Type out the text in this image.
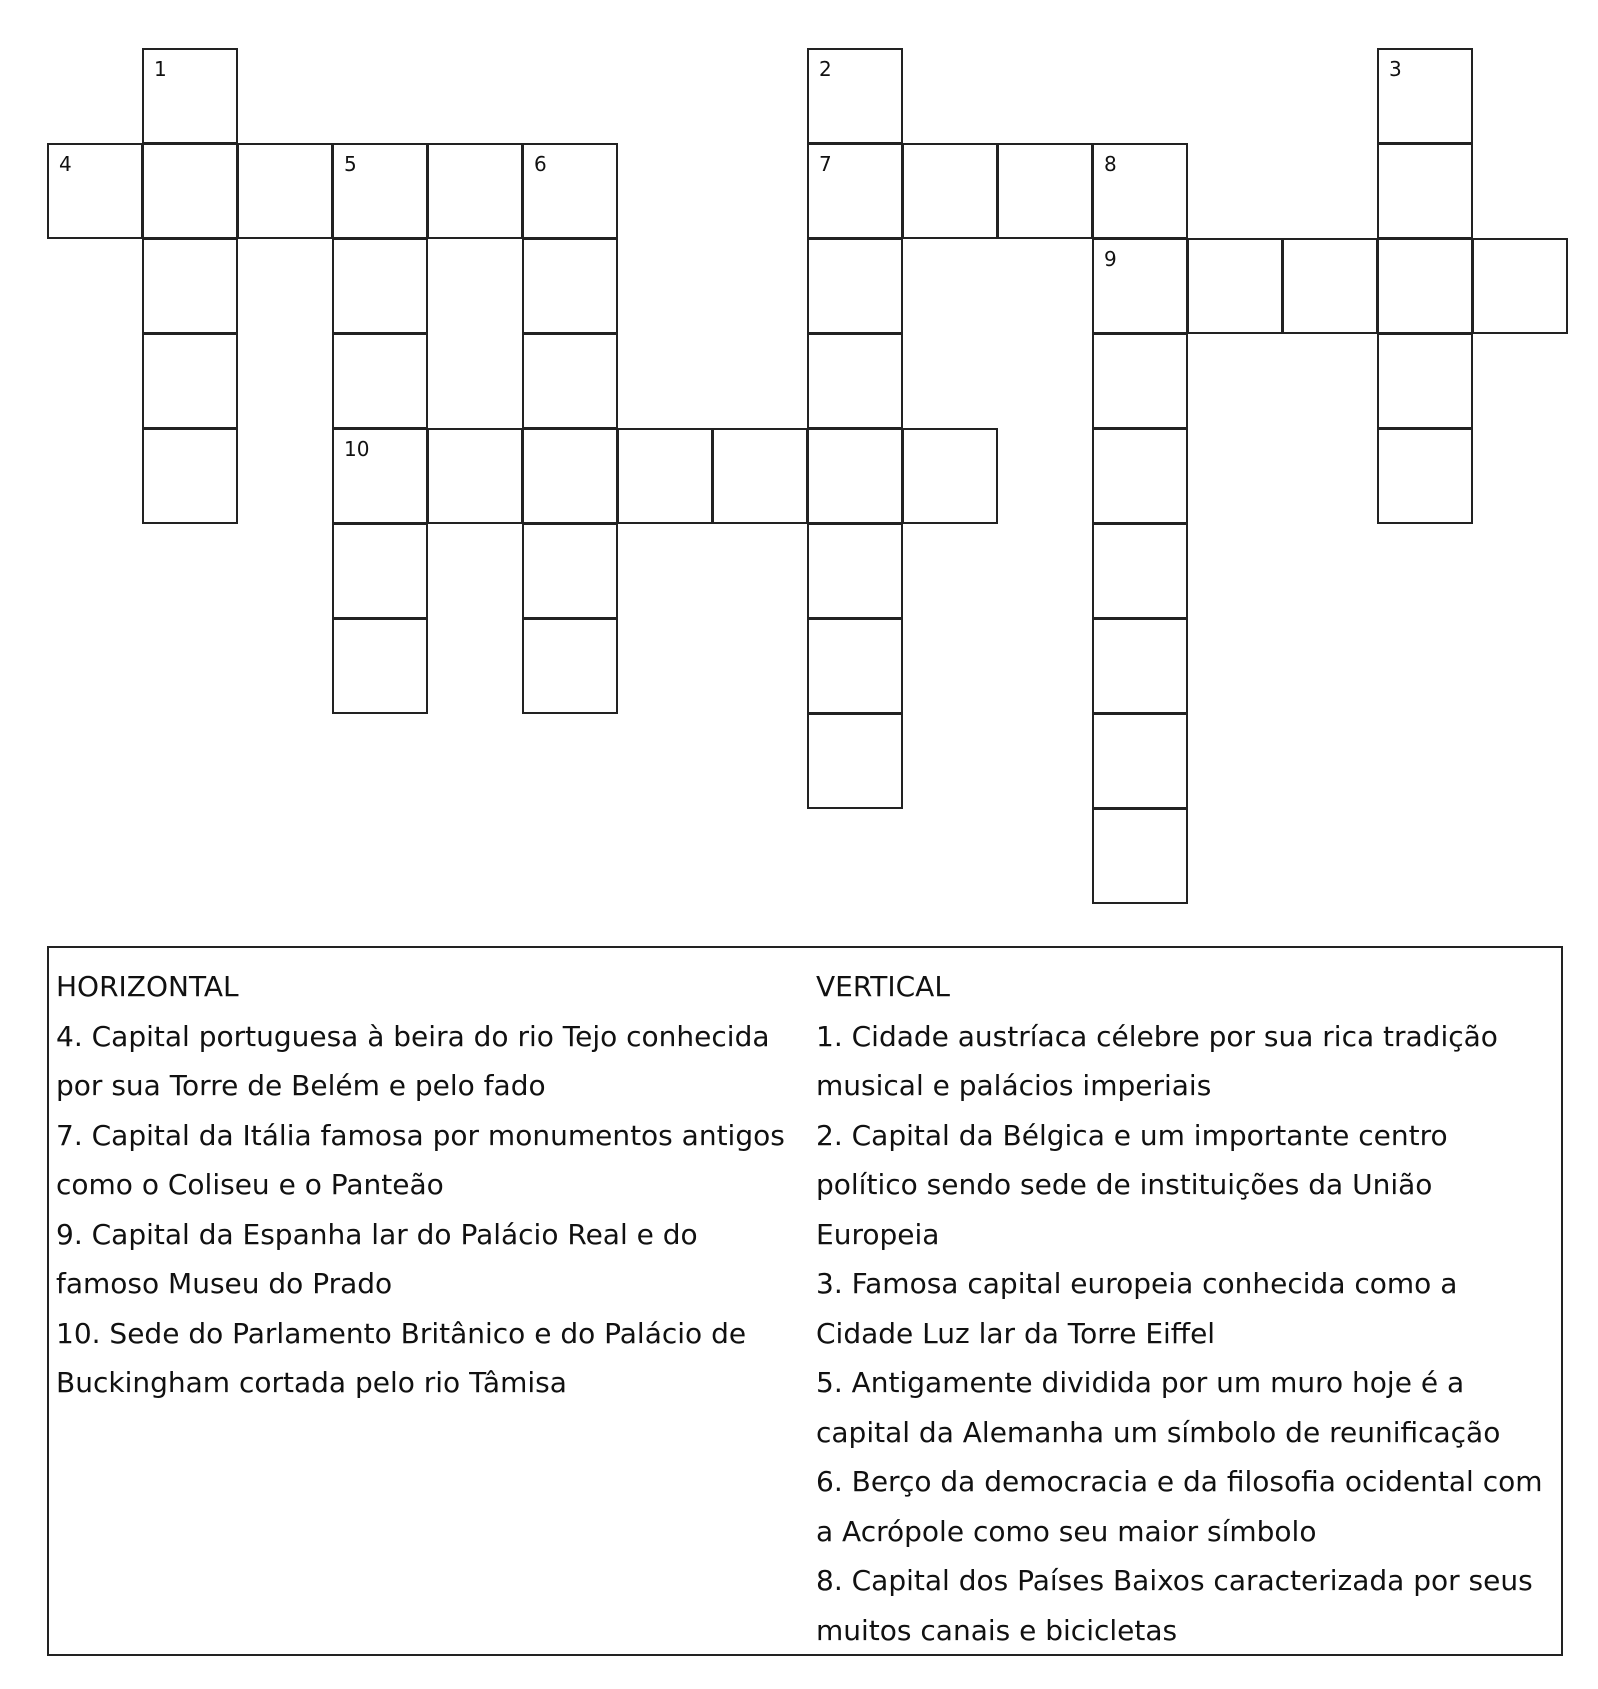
1	2	3
4	5	6	7	8
9
10
HORIZONTAL
4. Capital portuguesa à beira do rio Tejo conhecida por sua Torre de Belém e pelo fado
7. Capital da Itália famosa por monumentos antigos como o Coliseu e o Panteão
9. Capital da Espanha lar do Palácio Real e do famoso Museu do Prado
10. Sede do Parlamento Britânico e do Palácio de Buckingham cortada pelo rio Tâmisa
VERTICAL
1. Cidade austríaca célebre por sua rica tradição musical e palácios imperiais
2. Capital da Bélgica e um importante centro político sendo sede de instituições da União Europeia
3. Famosa capital europeia conhecida como a Cidade Luz lar da Torre Eiffel
5. Antigamente dividida por um muro hoje é a capital da Alemanha um símbolo de reunificação
6. Berço da democracia e da filosofia ocidental com a Acrópole como seu maior símbolo
8. Capital dos Países Baixos caracterizada por seus muitos canais e bicicletas
